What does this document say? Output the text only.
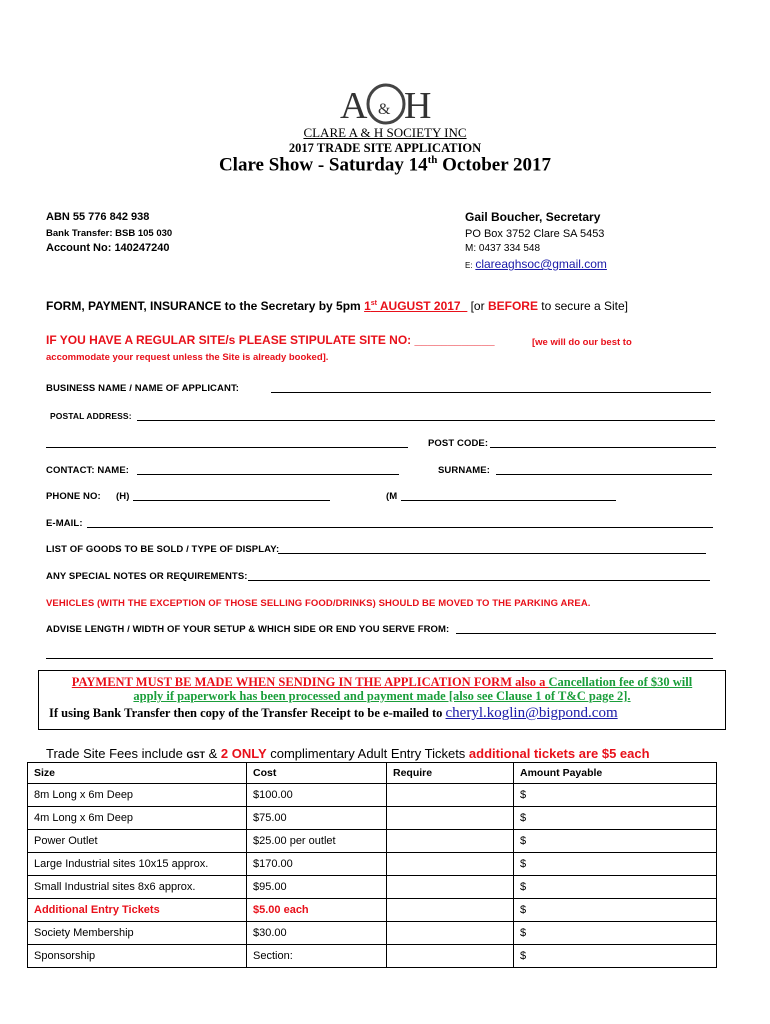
A H
&
CLARE A & H SOCIETY INC
2017 TRADE SITE APPLICATION
Clare Show - Saturday 14th October 2017
ABN 55 776 842 938
Bank Transfer: BSB 105 030
Account No: 140247240
Gail Boucher, Secretary
PO Box 3752 Clare SA 5453
M: 0437 334 548
E: clareaghsoc@gmail.com
FORM, PAYMENT, INSURANCE to the Secretary by 5pm 1st AUGUST 2017_ [or BEFORE to secure a Site]
IF YOU HAVE A REGULAR SITE/s PLEASE STIPULATE SITE NO: ____________	[we will do our best to
accommodate your request unless the Site is already booked].
BUSINESS NAME / NAME OF APPLICANT:
POSTAL ADDRESS:
POST CODE:
CONTACT: NAME:	SURNAME:
PHONE NO: (H)	(M
E-MAIL:
LIST OF GOODS TO BE SOLD / TYPE OF DISPLAY:
ANY SPECIAL NOTES OR REQUIREMENTS:
VEHICLES (WITH THE EXCEPTION OF THOSE SELLING FOOD/DRINKS) SHOULD BE MOVED TO THE PARKING AREA.
ADVISE LENGTH / WIDTH OF YOUR SETUP & WHICH SIDE OR END YOU SERVE FROM:
PAYMENT MUST BE MADE WHEN SENDING IN THE APPLICATION FORM also a Cancellation fee of $30 will
apply if paperwork has been processed and payment made [also see Clause 1 of T&C page 2].
If using Bank Transfer then copy of the Transfer Receipt to be e-mailed to cheryl.koglin@bigpond.com
Trade Site Fees include GST & 2 ONLY complimentary Adult Entry Tickets additional tickets are $5 each
Size	Cost	Require	Amount Payable
8m Long x 6m Deep	$100.00		$
4m Long x 6m Deep	$75.00		$
Power Outlet	$25.00 per outlet		$
Large Industrial sites 10x15 approx.	$170.00		$
Small Industrial sites 8x6 approx.	$95.00		$
Additional Entry Tickets	$5.00 each		$
Society Membership	$30.00		$
Sponsorship	Section:		$
